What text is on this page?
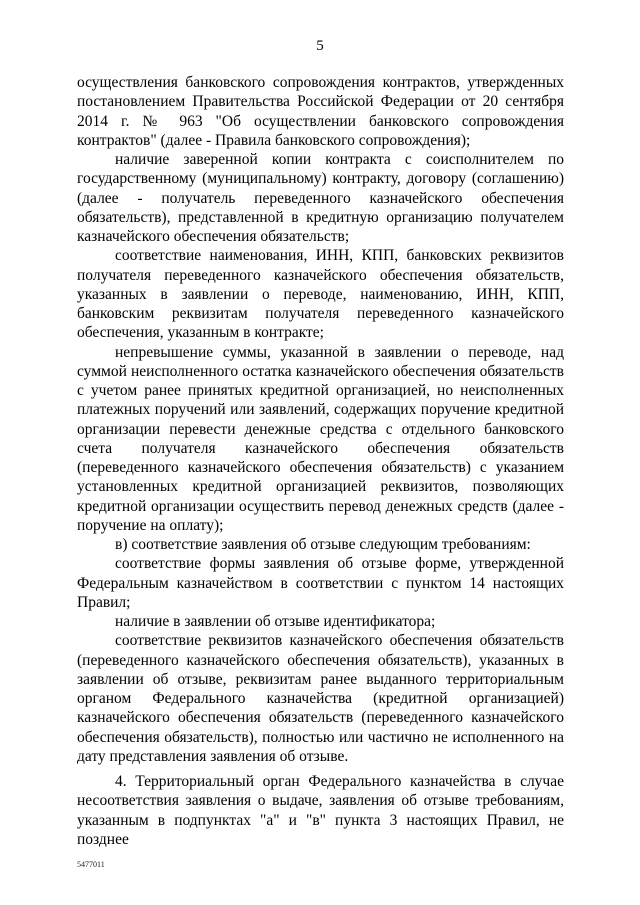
5

осуществления банковского сопровождения контрактов, утвержденных постановлением Правительства Российской Федерации от 20 сентября 2014 г. № 963 "Об осуществлении банковского сопровождения контрактов" (далее - Правила банковского сопровождения);

наличие заверенной копии контракта с соисполнителем по государственному (муниципальному) контракту, договору (соглашению) (далее - получатель переведенного казначейского обеспечения обязательств), представленной в кредитную организацию получателем казначейского обеспечения обязательств;

соответствие наименования, ИНН, КПП, банковских реквизитов получателя переведенного казначейского обеспечения обязательств, указанных в заявлении о переводе, наименованию, ИНН, КПП, банковским реквизитам получателя переведенного казначейского обеспечения, указанным в контракте;

непревышение суммы, указанной в заявлении о переводе, над суммой неисполненного остатка казначейского обеспечения обязательств с учетом ранее принятых кредитной организацией, но неисполненных платежных поручений или заявлений, содержащих поручение кредитной организации перевести денежные средства с отдельного банковского счета получателя казначейского обеспечения обязательств (переведенного казначейского обеспечения обязательств) с указанием установленных кредитной организацией реквизитов, позволяющих кредитной организации осуществить перевод денежных средств (далее - поручение на оплату);

в) соответствие заявления об отзыве следующим требованиям:

соответствие формы заявления об отзыве форме, утвержденной Федеральным казначейством в соответствии с пунктом 14 настоящих Правил;

наличие в заявлении об отзыве идентификатора;

соответствие реквизитов казначейского обеспечения обязательств (переведенного казначейского обеспечения обязательств), указанных в заявлении об отзыве, реквизитам ранее выданного территориальным органом Федерального казначейства (кредитной организацией) казначейского обеспечения обязательств (переведенного казначейского обеспечения обязательств), полностью или частично не исполненного на дату представления заявления об отзыве.

4. Территориальный орган Федерального казначейства в случае несоответствия заявления о выдаче, заявления об отзыве требованиям, указанным в подпунктах "а" и "в" пункта 3 настоящих Правил, не позднее

5477011
